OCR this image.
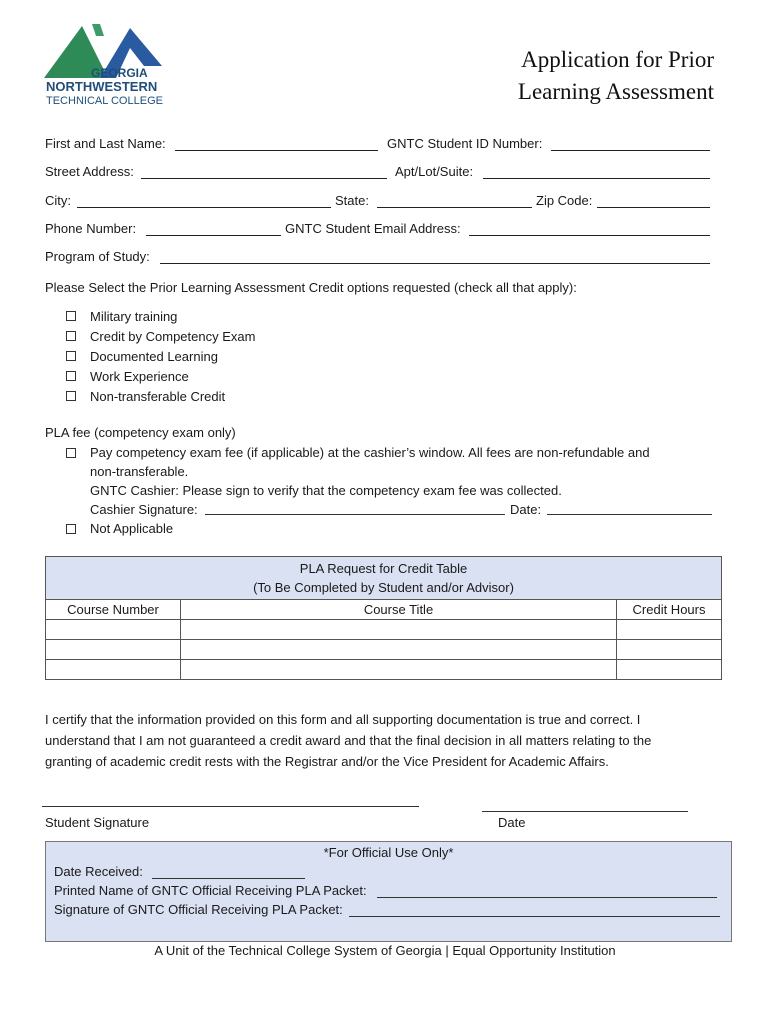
GEORGIA
NORTHWESTERN
TECHNICAL COLLEGE
Application for Prior
Learning Assessment
First and Last Name:	GNTC Student ID Number:
Street Address:	Apt/Lot/Suite:
City:	State:	Zip Code:
Phone Number:	GNTC Student Email Address:
Program of Study:
Please Select the Prior Learning Assessment Credit options requested (check all that apply):
Military training
Credit by Competency Exam
Documented Learning
Work Experience
Non-transferable Credit
PLA fee (competency exam only)
Pay competency exam fee (if applicable) at the cashier’s window. All fees are non-refundable and
non-transferable.
GNTC Cashier: Please sign to verify that the competency exam fee was collected.
Cashier Signature:	Date:
Not Applicable
PLA Request for Credit Table
(To Be Completed by Student and/or Advisor)		

Course Number	Course Title	Credit Hours

I certify that the information provided on this form and all supporting documentation is true and correct. I
understand that I am not guaranteed a credit award and that the final decision in all matters relating to the
granting of academic credit rests with the Registrar and/or the Vice President for Academic Affairs.
Student Signature	Date
*For Official Use Only*
Date Received:
Printed Name of GNTC Official Receiving PLA Packet:
Signature of GNTC Official Receiving PLA Packet:
A Unit of the Technical College System of Georgia | Equal Opportunity Institution
